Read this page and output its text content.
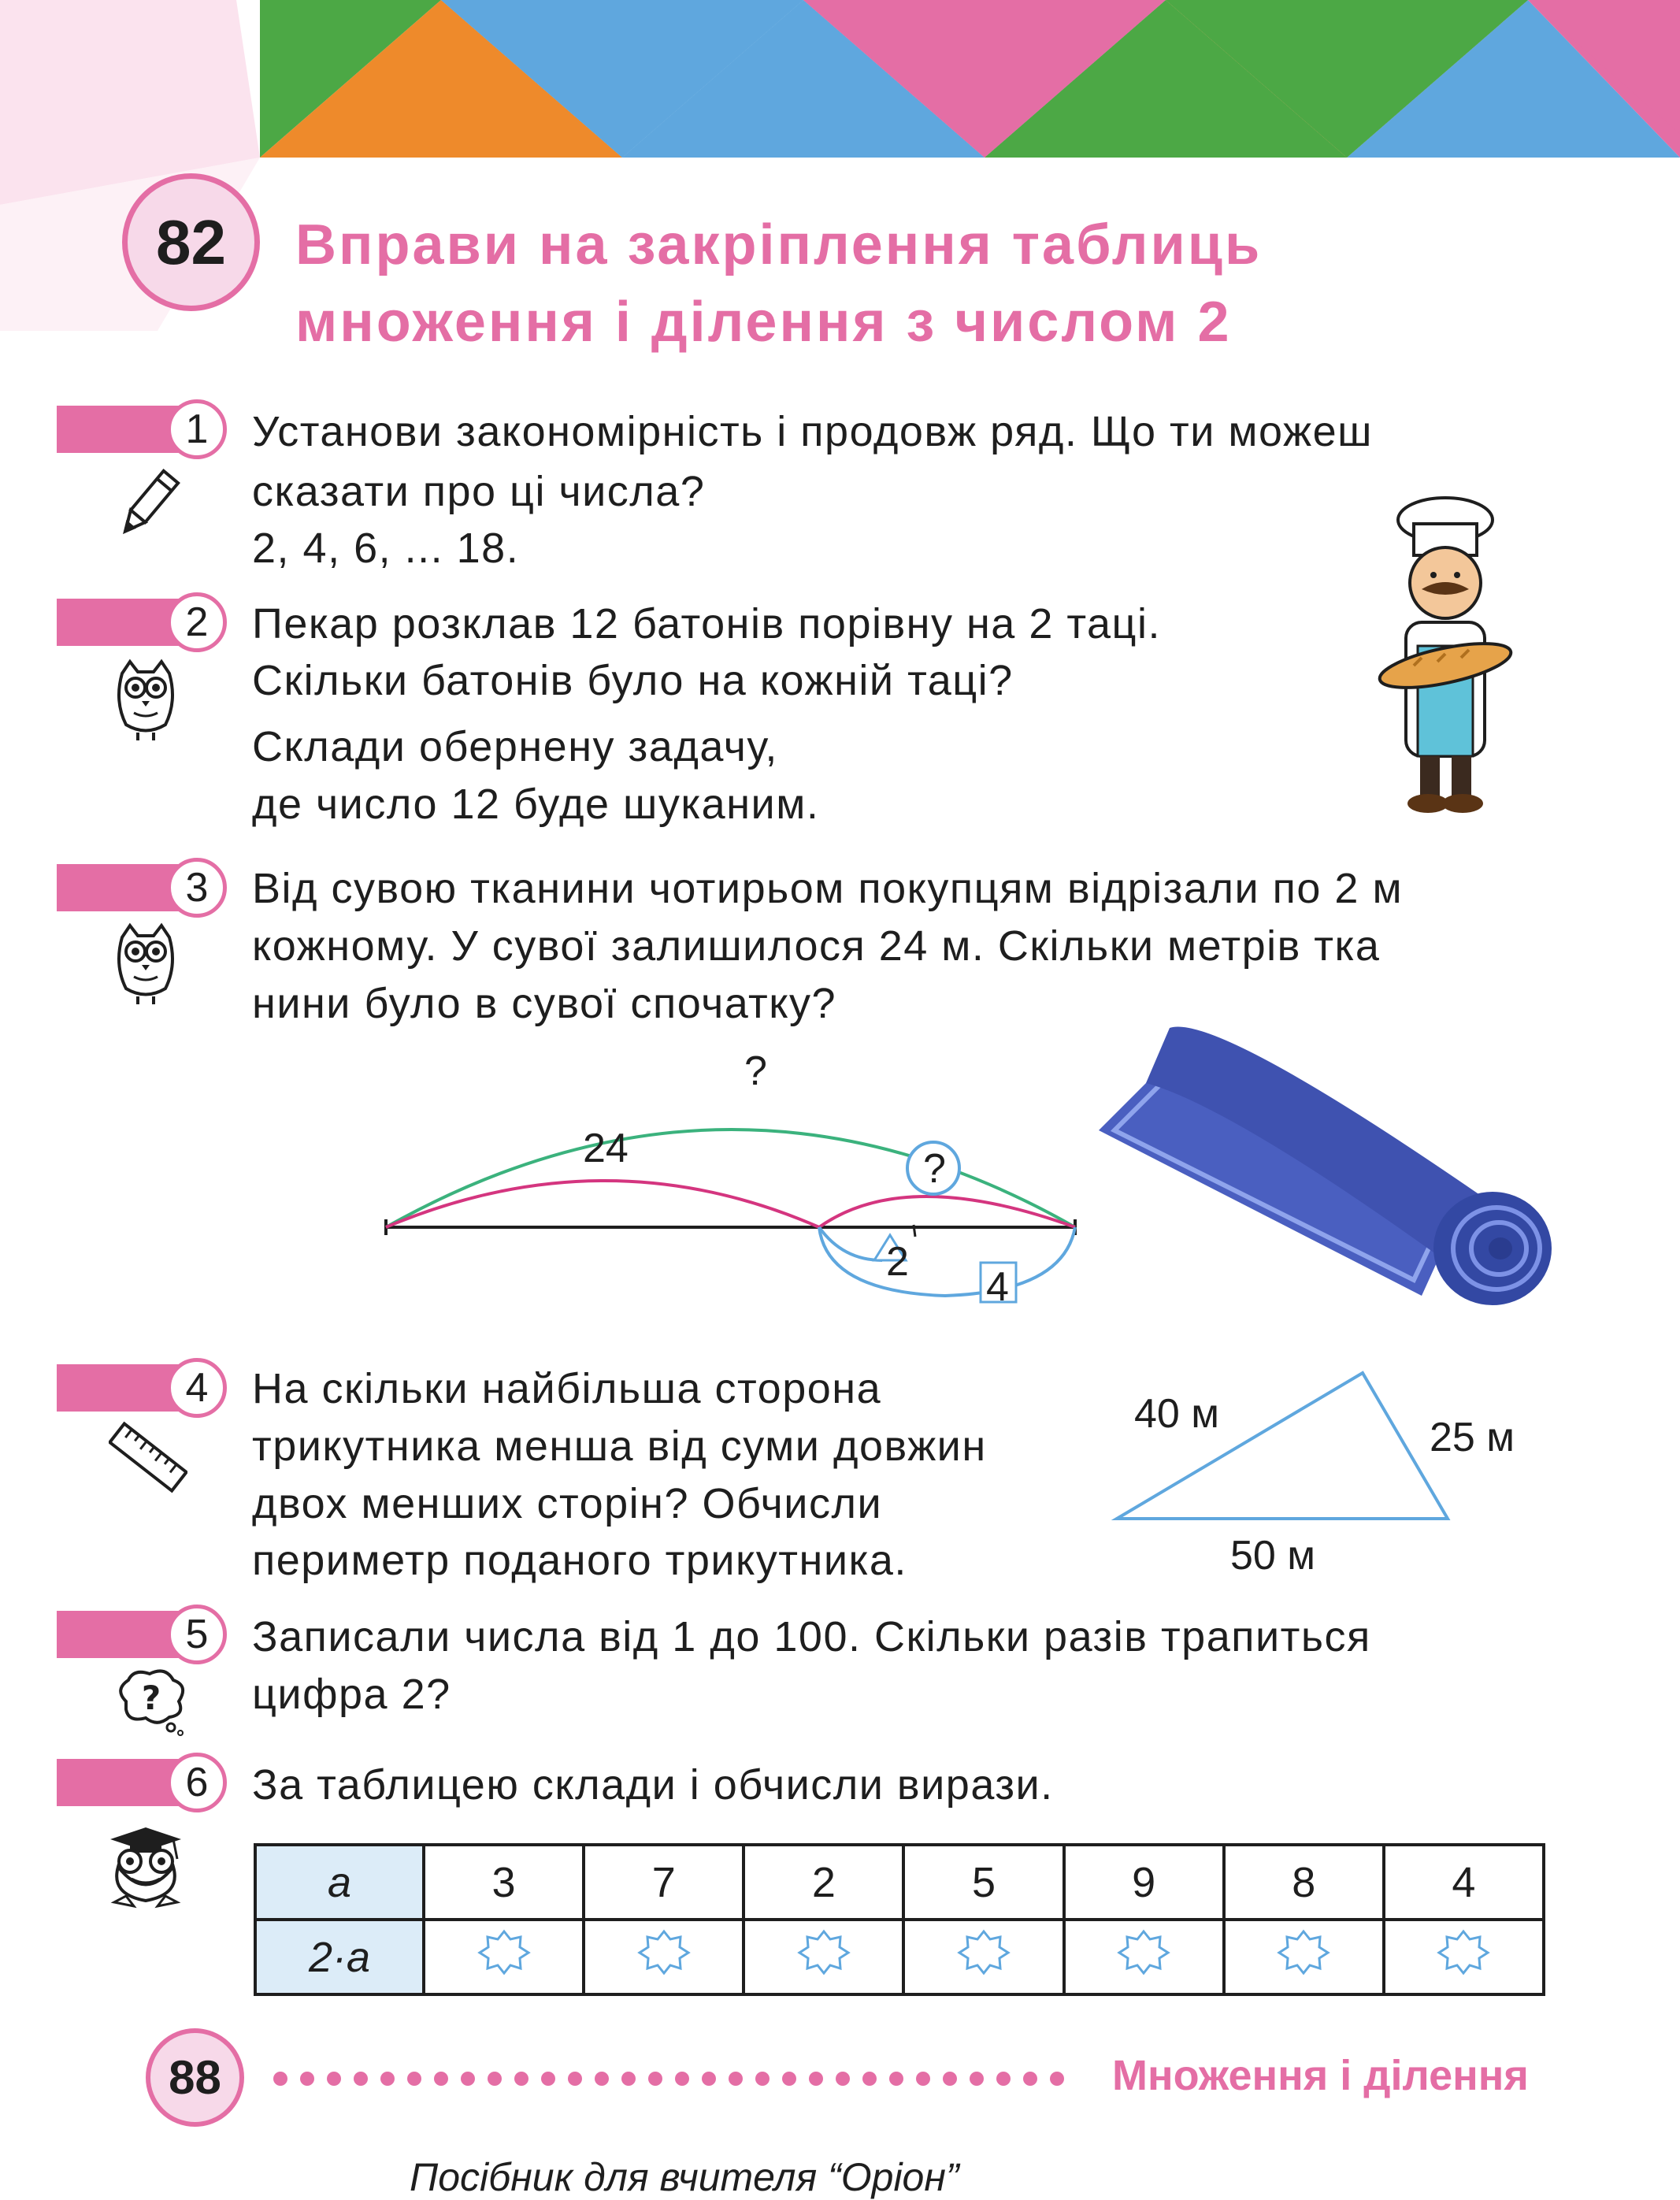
82	Вправи на закріплення таблиць
множення і ділення з числом 2
1	Установи закономірність і продовж ряд. Що ти можеш
сказати про ці числа?
2, 4, 6, ... 18.
2	Пекар розклав 12 батонів порівну на 2 таці.
Скільки батонів було на кожній таці?
Склади обернену задачу,
де число 12 буде шуканим.
3	Від сувою тканини чотирьом покупцям відрізали по 2 м
кожному. У сувої залишилося 24 м. Скільки метрів тка
нини було в сувої спочатку?
?
24	?
2
4
4	На скільки найбільша сторона
трикутника менша від суми довжин
двох менших сторін? Обчисли
периметр поданого трикутника.
40 м
25 м
50 м
5
?
Записали числа від 1 до 100. Скільки разів трапиться
цифра 2?
6	За таблицею склади і обчисли вирази.
a	3	7	2	5	9	8	4
2·a							
88	Множення і ділення
Посібник для вчителя “Оріон”
